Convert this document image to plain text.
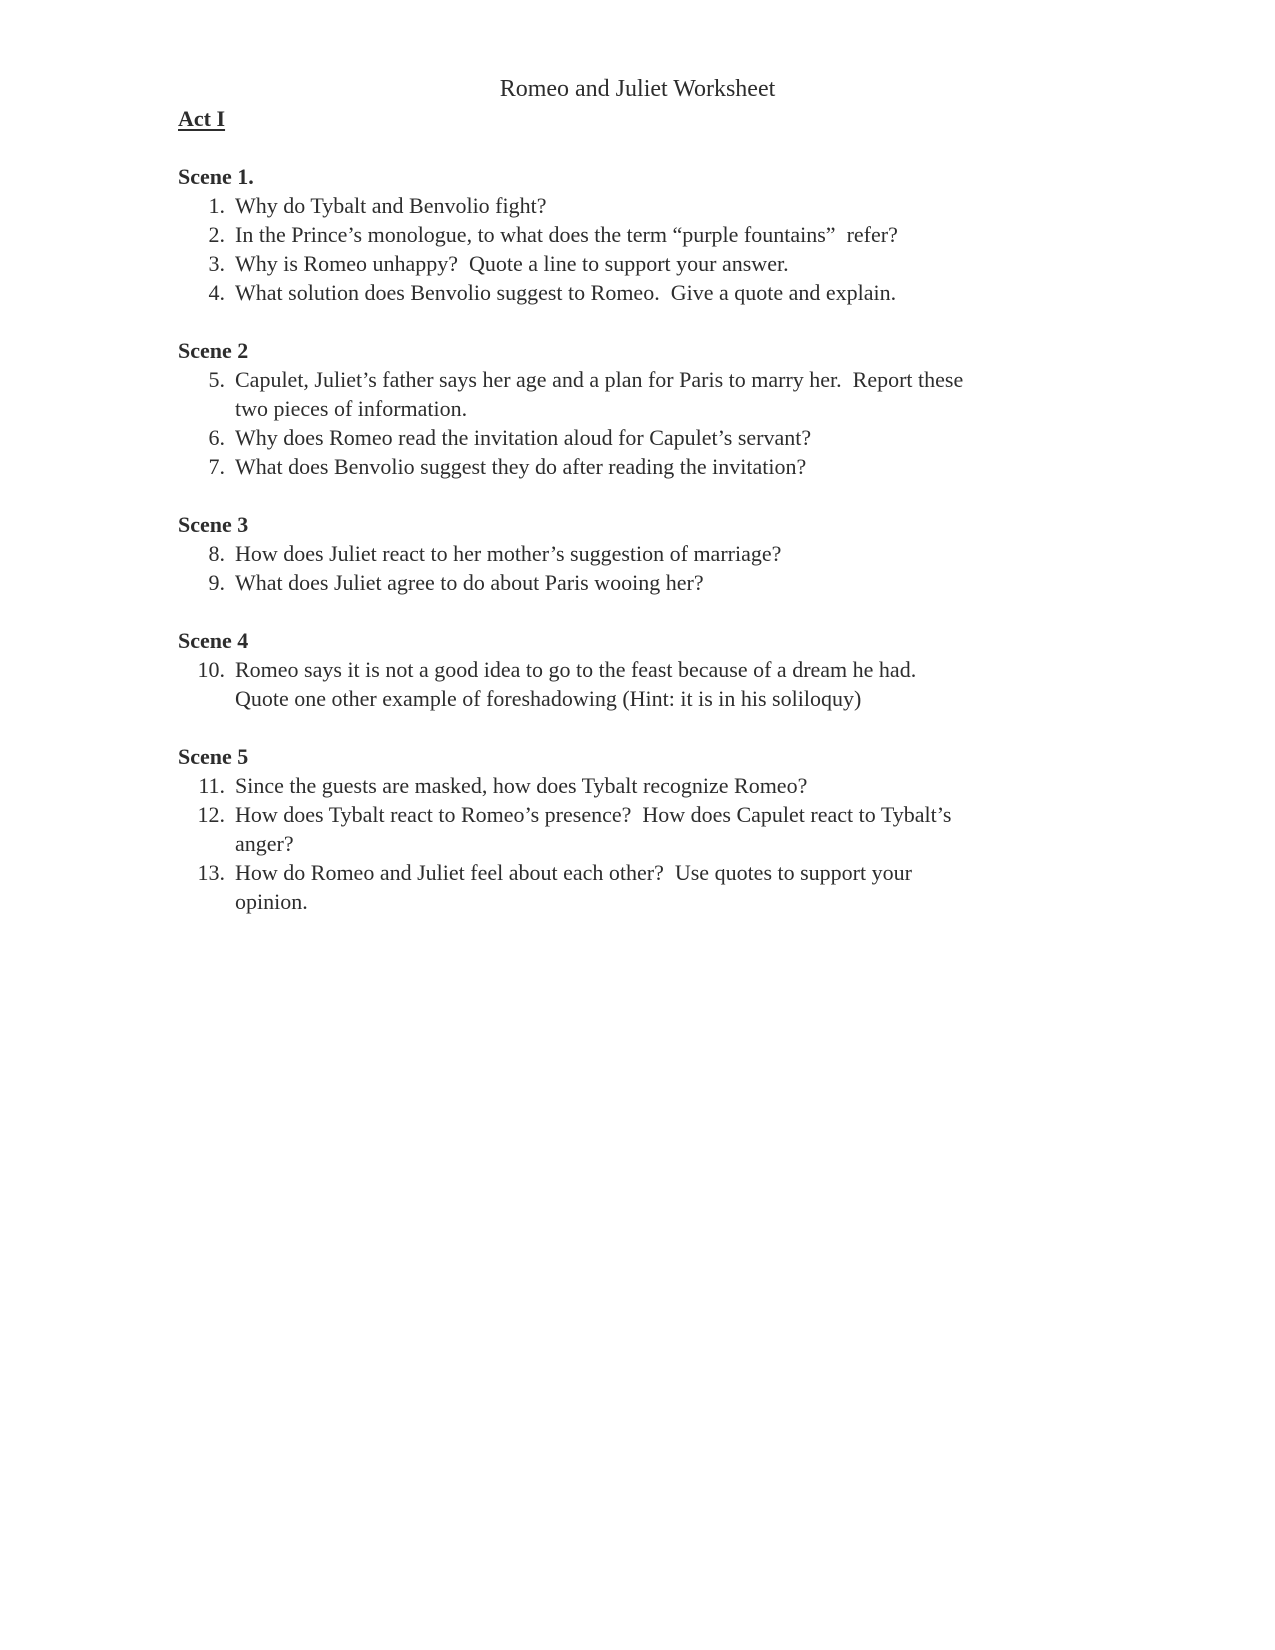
Romeo and Juliet Worksheet
Act I
Scene 1.
1. Why do Tybalt and Benvolio fight?
2. In the Prince’s monologue, to what does the term “purple fountains”  refer?
3. Why is Romeo unhappy?  Quote a line to support your answer.
4. What solution does Benvolio suggest to Romeo.  Give a quote and explain.
Scene 2
5. Capulet, Juliet’s father says her age and a plan for Paris to marry her.  Report these
two pieces of information.
6. Why does Romeo read the invitation aloud for Capulet’s servant?
7. What does Benvolio suggest they do after reading the invitation?
Scene 3
8. How does Juliet react to her mother’s suggestion of marriage?
9. What does Juliet agree to do about Paris wooing her?
Scene 4
10. Romeo says it is not a good idea to go to the feast because of a dream he had.
Quote one other example of foreshadowing (Hint: it is in his soliloquy)
Scene 5
11. Since the guests are masked, how does Tybalt recognize Romeo?
12. How does Tybalt react to Romeo’s presence?  How does Capulet react to Tybalt’s
anger?
13. How do Romeo and Juliet feel about each other?  Use quotes to support your
opinion.
